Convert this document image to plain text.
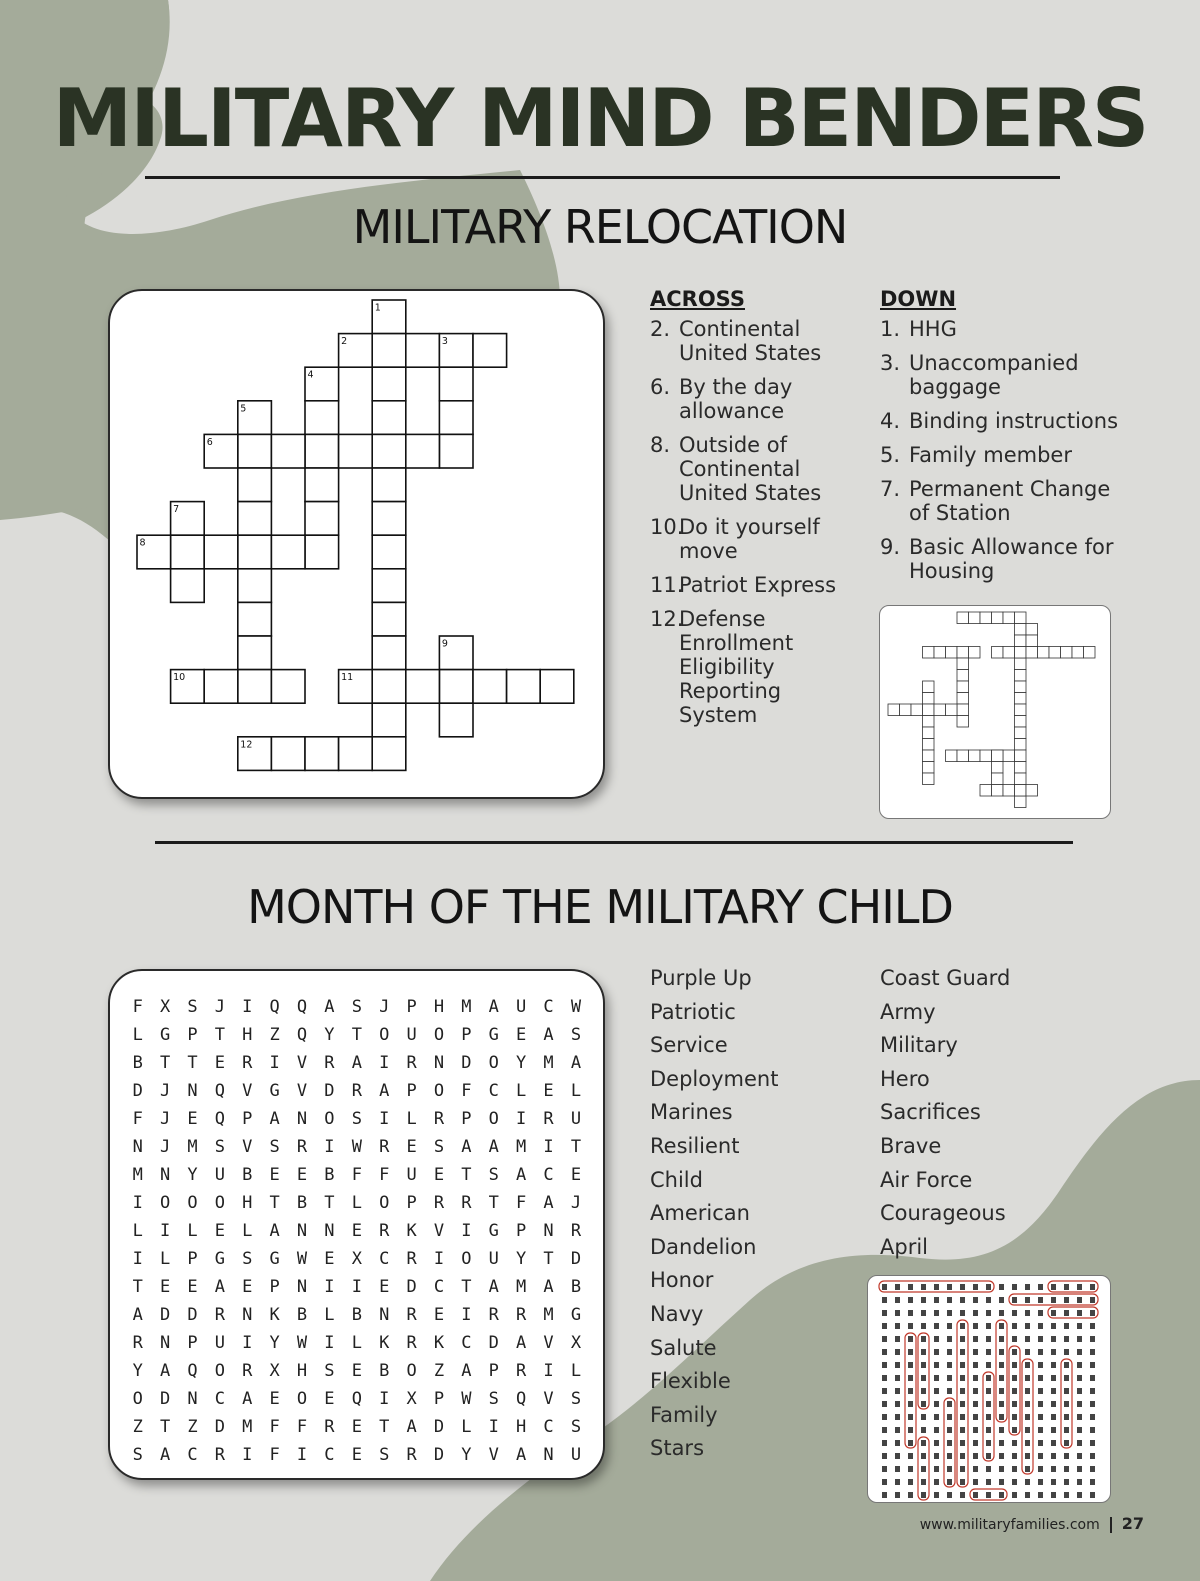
MILITARY MIND BENDERS
MILITARY RELOCATION
1
2	3
4
5
6
7
8
9
10	11
12
ACROSS
2. Continental United States
6. By the day allowance
8. Outside of Continental United States
10.
Do it yourself move
11.
Patriot Express
12.
Defense Enrollment Eligibility Reporting System
DOWN
1. HHG
3. Unaccompanied baggage
4. Binding instructions
5. Family member
7. Permanent Change of Station
9. Basic Allowance for Housing
MONTH OF THE MILITARY CHILD
F	X	S	J	I	Q	Q	A	S	J	P	H	M	A	U	C	W
L	G	P	T	H	Z	Q	Y	T	O	U	O	P	G	E	A	S
B	T	T	E	R	I	V	R	A	I	R	N	D	O	Y	M	A
D	J	N	Q	V	G	V	D	R	A	P	O	F	C	L	E	L
F	J	E	Q	P	A	N	O	S	I	L	R	P	O	I	R	U
N	J	M	S	V	S	R	I	W	R	E	S	A	A	M	I	T
M	N	Y	U	B	E	E	B	F	F	U	E	T	S	A	C	E
I	O	O	O	H	T	B	T	L	O	P	R	R	T	F	A	J
L	I	L	E	L	A	N	N	E	R	K	V	I	G	P	N	R
I	L	P	G	S	G	W	E	X	C	R	I	O	U	Y	T	D
T	E	E	A	E	P	N	I	I	E	D	C	T	A	M	A	B
A	D	D	R	N	K	B	L	B	N	R	E	I	R	R	M	G
R	N	P	U	I	Y	W	I	L	K	R	K	C	D	A	V	X
Y	A	Q	O	R	X	H	S	E	B	O	Z	A	P	R	I	L
O	D	N	C	A	E	O	E	Q	I	X	P	W	S	Q	V	S
Z	T	Z	D	M	F	F	R	E	T	A	D	L	I	H	C	S
S	A	C	R	I	F	I	C	E	S	R	D	Y	V	A	N	U
Purple Up
Patriotic
Service
Deployment
Marines
Resilient
Child
American
Dandelion
Honor
Navy
Salute
Flexible
Family
Stars
Coast Guard
Army
Military
Hero
Sacrifices
Brave
Air Force
Courageous
April
www.militaryfamilies.com 27
